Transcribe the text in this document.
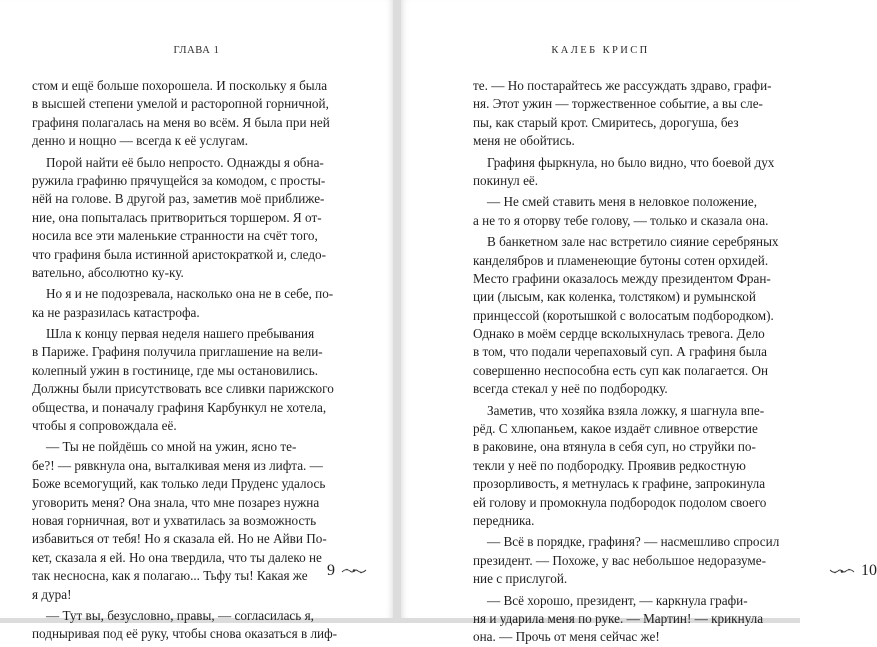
ГЛАВА 1
стом и ещё больше похорошела. И поскольку я была
в высшей степени умелой и расторопной горничной,
графиня полагалась на меня во всём. Я была при ней
денно и нощно — всегда к её услугам.
Порой найти её было непросто. Однажды я обна-
ружила графиню прячущейся за комодом, с просты-
нёй на голове. В другой раз, заметив моё приближе-
ние, она попыталась притвориться торшером. Я от-
носила все эти маленькие странности на счёт того,
что графиня была истинной аристократкой и, следо-
вательно, абсолютно ку-ку.
Но я и не подозревала, насколько она не в себе, по-
ка не разразилась катастрофа.
Шла к концу первая неделя нашего пребывания
в Париже. Графиня получила приглашение на вели-
колепный ужин в гостинице, где мы остановились.
Должны были присутствовать все сливки парижского
общества, и поначалу графиня Карбункул не хотела,
чтобы я сопровождала её.
— Ты не пойдёшь со мной на ужин, ясно те-
бе?! — рявкнула она, выталкивая меня из лифта. —
Боже всемогущий, как только леди Пруденс удалось
уговорить меня? Она знала, что мне позарез нужна
новая горничная, вот и ухватилась за возможность
избавиться от тебя! Но я сказала ей. Но не Айви По-
кет, сказала я ей. Но она твердила, что ты далеко не
так несносна, как я полагаю... Тьфу ты! Какая же
я дура!
— Тут вы, безусловно, правы, — согласилась я,
подныривая под её руку, чтобы снова оказаться в лиф-
9
КАЛЕБ КРИСП
те. — Но постарайтесь же рассуждать здраво, графи-
ня. Этот ужин — торжественное событие, а вы сле-
пы, как старый крот. Смиритесь, дорогуша, без
меня не обойтись.
Графиня фыркнула, но было видно, что боевой дух
покинул её.
— Не смей ставить меня в неловкое положение,
а не то я оторву тебе голову, — только и сказала она.
В банкетном зале нас встретило сияние серебряных
канделябров и пламенеющие бутоны сотен орхидей.
Место графини оказалось между президентом Фран-
ции (лысым, как коленка, толстяком) и румынской
принцессой (коротышкой с волосатым подбородком).
Однако в моём сердце всколыхнулась тревога. Дело
в том, что подали черепаховый суп. А графиня была
совершенно неспособна есть суп как полагается. Он
всегда стекал у неё по подбородку.
Заметив, что хозяйка взяла ложку, я шагнула впе-
рёд. С хлюпаньем, какое издаёт сливное отверстие
в раковине, она втянула в себя суп, но струйки по-
текли у неё по подбородку. Проявив редкостную
прозорливость, я метнулась к графине, запрокинула
ей голову и промокнула подбородок подолом своего
передника.
— Всё в порядке, графиня? — насмешливо спросил
президент. — Похоже, у вас небольшое недоразуме-
ние с прислугой.
— Всё хорошо, президент, — каркнула графи-
ня и ударила меня по руке. — Мартин! — крикнула
она. — Прочь от меня сейчас же!
10
